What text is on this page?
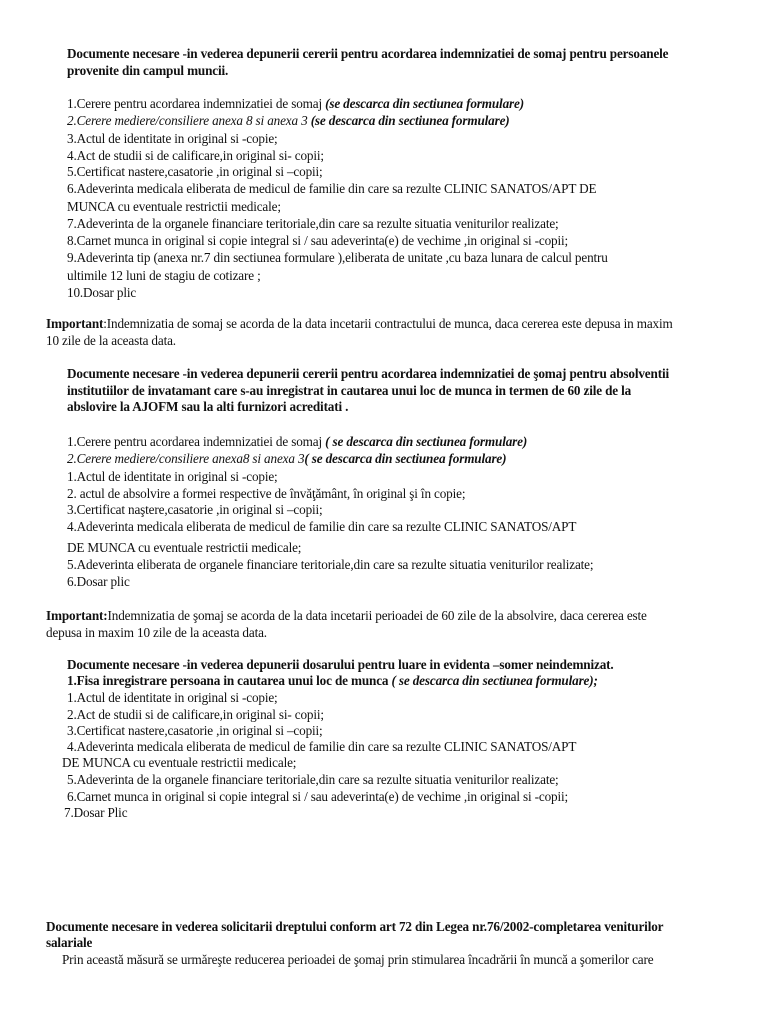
Documente necesare -in vederea depunerii cererii pentru acordarea indemnizatiei de somaj pentru persoanele
provenite din campul muncii.
1.Cerere pentru acordarea indemnizatiei de somaj (se descarca din sectiunea formulare)
2.Cerere mediere/consiliere anexa 8 si anexa 3 (se descarca din sectiunea formulare)
3.Actul de identitate in original si -copie;
4.Act de studii si de calificare,in original si- copii;
5.Certificat nastere,casatorie ,in original si –copii;
6.Adeverinta medicala eliberata de medicul de familie din care sa rezulte CLINIC SANATOS/APT DE
MUNCA cu eventuale restrictii medicale;
7.Adeverinta de la organele financiare teritoriale,din care sa rezulte situatia veniturilor realizate;
8.Carnet munca in original si copie integral si / sau adeverinta(e) de vechime ,in original si -copii;
9.Adeverinta tip (anexa nr.7 din sectiunea formulare ),eliberata de unitate ,cu baza lunara de calcul pentru
ultimile 12 luni de stagiu de cotizare ;
10.Dosar plic
Important:Indemnizatia de somaj se acorda de la data incetarii contractului de munca, daca cererea este depusa in maxim
10 zile de la aceasta data.
Documente necesare -in vederea depunerii cererii pentru acordarea indemnizatiei de şomaj pentru absolventii
institutiilor de invatamant care s-au inregistrat in cautarea unui loc de munca in termen de 60 zile de la
abslovire la AJOFM sau la alti furnizori acreditati .
1.Cerere pentru acordarea indemnizatiei de somaj ( se descarca din sectiunea formulare)
2.Cerere mediere/consiliere anexa8 si anexa 3( se descarca din sectiunea formulare)
1.Actul de identitate in original si -copie;
2. actul de absolvire a formei respective de învăţământ, în original şi în copie;
3.Certificat naştere,casatorie ,in original si –copii;
4.Adeverinta medicala eliberata de medicul de familie din care sa rezulte CLINIC SANATOS/APT
DE MUNCA cu eventuale restrictii medicale;
5.Adeverinta eliberata de organele financiare teritoriale,din care sa rezulte situatia veniturilor realizate;
6.Dosar plic
Important:Indemnizatia de şomaj se acorda de la data incetarii perioadei de 60 zile de la absolvire, daca cererea este
depusa in maxim 10 zile de la aceasta data.
Documente necesare -in vederea depunerii dosarului pentru luare in evidenta –somer neindemnizat.
1.Fisa inregistrare persoana in cautarea unui loc de munca ( se descarca din sectiunea formulare);
1.Actul de identitate in original si -copie;
2.Act de studii si de calificare,in original si- copii;
3.Certificat nastere,casatorie ,in original si –copii;
4.Adeverinta medicala eliberata de medicul de familie din care sa rezulte CLINIC SANATOS/APT
DE MUNCA cu eventuale restrictii medicale;
5.Adeverinta de la organele financiare teritoriale,din care sa rezulte situatia veniturilor realizate;
6.Carnet munca in original si copie integral si / sau adeverinta(e) de vechime ,in original si -copii;
7.Dosar Plic
Documente necesare in vederea solicitarii dreptului conform art 72 din Legea nr.76/2002-completarea veniturilor
salariale
Prin această măsură se urmăreşte reducerea perioadei de şomaj prin stimularea încadrării în muncă a şomerilor care
